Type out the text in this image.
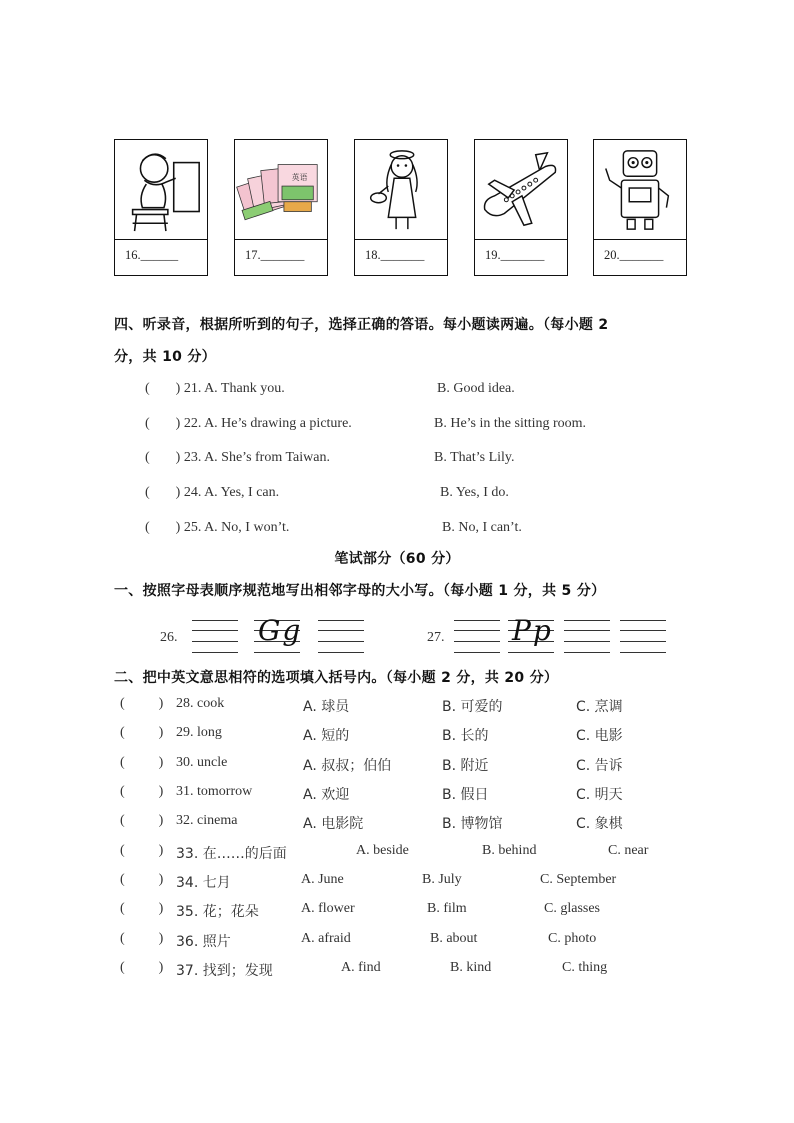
16.______
英语
17._______	18._______	19._______	20._______
四、听录音，根据所听到的句子，选择正确的答语。每小题读两遍。（每小题 2
分，共 10 分）
( ) 21. A. Thank you.	B. Good idea.
( ) 22. A. He’s drawing a picture.	B. He’s in the sitting room.
( ) 23. A. She’s from Taiwan.	B. That’s Lily.
( ) 24. A. Yes, I can.	B. Yes, I do.
( ) 25. A. No, I won’t.	B. No, I can’t.
笔试部分（60 分）
一、按照字母表顺序规范地写出相邻字母的大小写。（每小题 1 分，共 5 分）
26.	Gg	27. Pp
二、把中英文意思相符的选项填入括号内。（每小题 2 分，共 20 分）
( ) 28. cook	A. 球员	B. 可爱的	C. 烹调
( ) 29. long	A. 短的	B. 长的	C. 电影
( ) 30. uncle	A. 叔叔；伯伯	B. 附近	C. 告诉
( ) 31. tomorrow	A. 欢迎	B. 假日	C. 明天
( ) 32. cinema	A. 电影院	B. 博物馆	C. 象棋
( ) 33. 在……的后面	A. beside	B. behind	C. near
( ) 34. 七月	A. June	B. July	C. September
( ) 35. 花；花朵	A. flower	B. film	C. glasses
( ) 36. 照片	A. afraid	B. about	C. photo
( ) 37. 找到；发现	A. find	B. kind	C. thing
